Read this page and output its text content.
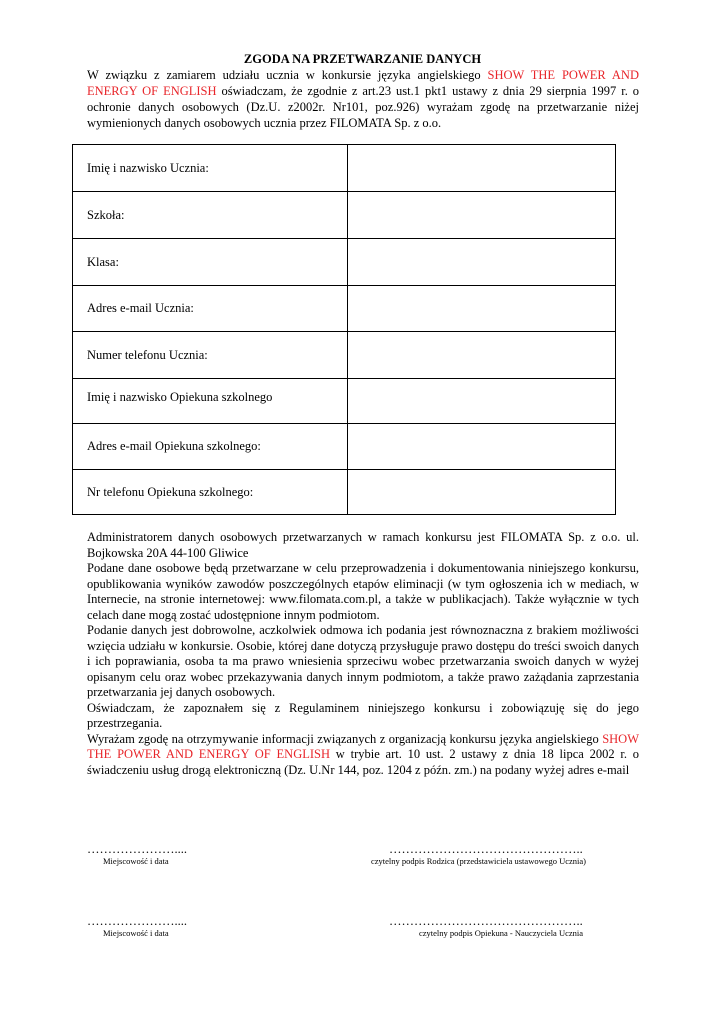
ZGODA NA PRZETWARZANIE DANYCH
W związku z zamiarem udziału ucznia w konkursie języka angielskiego SHOW THE POWER AND ENERGY OF ENGLISH oświadczam, że zgodnie z art.23 ust.1 pkt1 ustawy z dnia 29 sierpnia 1997 r. o ochronie danych osobowych (Dz.U. z2002r. Nr101, poz.926) wyrażam zgodę na przetwarzanie niżej wymienionych danych osobowych ucznia przez FILOMATA Sp. z o.o.
Imię i nazwisko Ucznia:	
Szkoła:	
Klasa:	
Adres e-mail Ucznia:	
Numer telefonu Ucznia:	
Imię i nazwisko Opiekuna szkolnego	
Adres e-mail Opiekuna szkolnego:	
Nr telefonu Opiekuna szkolnego:	

Administratorem danych osobowych przetwarzanych w ramach konkursu jest FILOMATA Sp. z o.o. ul. Bojkowska 20A 44-100 Gliwice

Podane dane osobowe będą przetwarzane w celu przeprowadzenia i dokumentowania niniejszego konkursu, opublikowania wyników zawodów poszczególnych etapów eliminacji (w tym ogłoszenia ich w mediach, w Internecie, na stronie internetowej: www.filomata.com.pl, a także w publikacjach). Także wyłącznie w tych celach dane mogą zostać udostępnione innym podmiotom.

Podanie danych jest dobrowolne, aczkolwiek odmowa ich podania jest równoznaczna z brakiem możliwości wzięcia udziału w konkursie. Osobie, której dane dotyczą przysługuje prawo dostępu do treści swoich danych i ich poprawiania, osoba ta ma prawo wniesienia sprzeciwu wobec przetwarzania swoich danych w wyżej opisanym celu oraz wobec przekazywania danych innym podmiotom, a także prawo zażądania zaprzestania przetwarzania jej danych osobowych.

Oświadczam, że zapoznałem się z Regulaminem niniejszego konkursu i zobowiązuję się do jego przestrzegania.

Wyrażam zgodę na otrzymywanie informacji związanych z organizacją konkursu języka angielskiego SHOW THE POWER AND ENERGY OF ENGLISH w trybie art. 10 ust. 2 ustawy z dnia 18 lipca 2002 r. o świadczeniu usług drogą elektroniczną (Dz. U.Nr 144, poz. 1204 z późn. zm.) na podany wyżej adres e-mail

…………………....
Miejscowość i data
………………………………………..
czytelny podpis Rodzica (przedstawiciela ustawowego Ucznia)
…………………....
Miejscowość i data
………………………………………..
czytelny podpis Opiekuna - Nauczyciela Ucznia
